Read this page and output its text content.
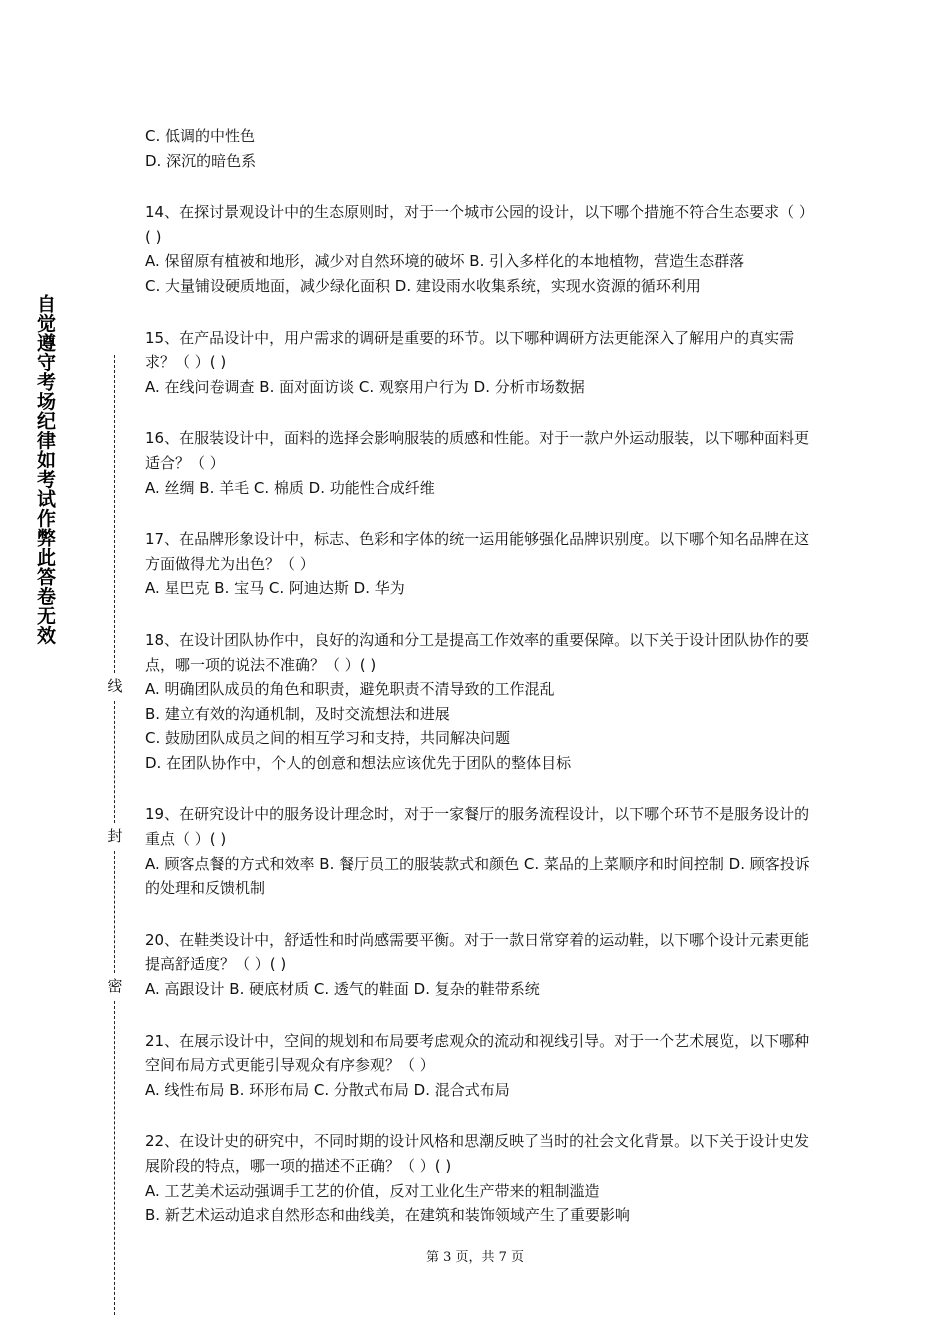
自觉遵守考场纪律如考试作弊此答卷无效
线
封
密
C. 低调的中性色
D. 深沉的暗色系
14、在探讨景观设计中的生态原则时，对于一个城市公园的设计，以下哪个措施不符合生态要求（ ）( )
A. 保留原有植被和地形，减少对自然环境的破坏 B. 引入多样化的本地植物，营造生态群落
C. 大量铺设硬质地面，减少绿化面积 D. 建设雨水收集系统，实现水资源的循环利用
15、在产品设计中，用户需求的调研是重要的环节。以下哪种调研方法更能深入了解用户的真实需求？（ ）( )
A. 在线问卷调查 B. 面对面访谈 C. 观察用户行为 D. 分析市场数据
16、在服装设计中，面料的选择会影响服装的质感和性能。对于一款户外运动服装，以下哪种面料更适合？（ ）
A. 丝绸 B. 羊毛 C. 棉质 D. 功能性合成纤维
17、在品牌形象设计中，标志、色彩和字体的统一运用能够强化品牌识别度。以下哪个知名品牌在这方面做得尤为出色？（ ）
A. 星巴克 B. 宝马 C. 阿迪达斯 D. 华为
18、在设计团队协作中，良好的沟通和分工是提高工作效率的重要保障。以下关于设计团队协作的要点，哪一项的说法不准确？（ ）( )
A. 明确团队成员的角色和职责，避免职责不清导致的工作混乱
B. 建立有效的沟通机制，及时交流想法和进展
C. 鼓励团队成员之间的相互学习和支持，共同解决问题
D. 在团队协作中，个人的创意和想法应该优先于团队的整体目标
19、在研究设计中的服务设计理念时，对于一家餐厅的服务流程设计，以下哪个环节不是服务设计的重点（ ）( )
A. 顾客点餐的方式和效率 B. 餐厅员工的服装款式和颜色 C. 菜品的上菜顺序和时间控制 D. 顾客投诉的处理和反馈机制
20、在鞋类设计中，舒适性和时尚感需要平衡。对于一款日常穿着的运动鞋，以下哪个设计元素更能提高舒适度？（ ）( )
A. 高跟设计 B. 硬底材质 C. 透气的鞋面 D. 复杂的鞋带系统
21、在展示设计中，空间的规划和布局要考虑观众的流动和视线引导。对于一个艺术展览，以下哪种空间布局方式更能引导观众有序参观？（ ）
A. 线性布局 B. 环形布局 C. 分散式布局 D. 混合式布局
22、在设计史的研究中，不同时期的设计风格和思潮反映了当时的社会文化背景。以下关于设计史发展阶段的特点，哪一项的描述不正确？（ ）( )
A. 工艺美术运动强调手工艺的价值，反对工业化生产带来的粗制滥造
B. 新艺术运动追求自然形态和曲线美，在建筑和装饰领域产生了重要影响
第 3 页，共 7 页
